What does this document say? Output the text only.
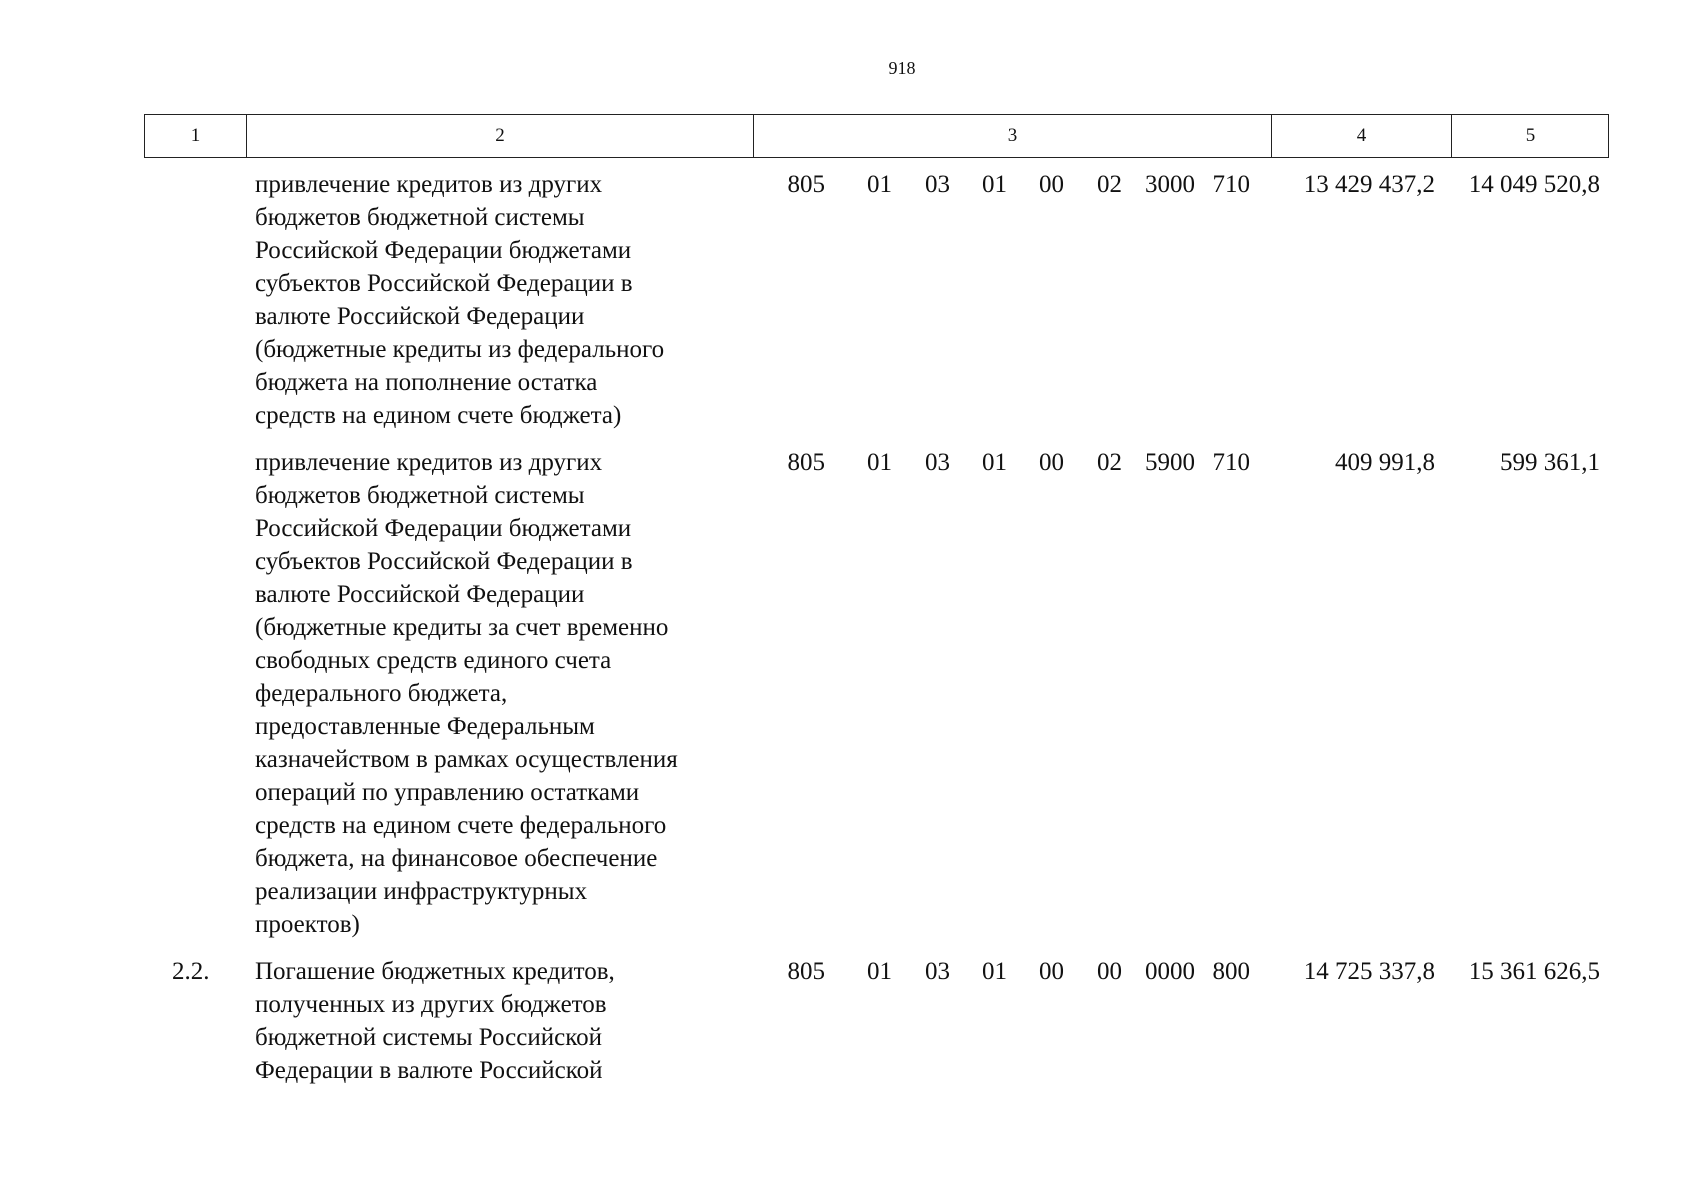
918
1	2	3	4	5
привлечение кредитов из других
бюджетов бюджетной системы
Российской Федерации бюджетами
субъектов Российской Федерации в
валюте Российской Федерации
(бюджетные кредиты из федерального
бюджета на пополнение остатка
средств на едином счете бюджета)
805 01 03 01 00 02 3000 710	13 429 437,2	14 049 520,8
привлечение кредитов из других
бюджетов бюджетной системы
Российской Федерации бюджетами
субъектов Российской Федерации в
валюте Российской Федерации
(бюджетные кредиты за счет временно
свободных средств единого счета
федерального бюджета,
предоставленные Федеральным
казначейством в рамках осуществления
операций по управлению остатками
средств на едином счете федерального
бюджета, на финансовое обеспечение
реализации инфраструктурных
проектов)
805 01 03 01 00 02 5900 710	409 991,8	599 361,1
2.2. Погашение бюджетных кредитов,
полученных из других бюджетов
бюджетной системы Российской
Федерации в валюте Российской
805 01 03 01 00 00 0000 800	14 725 337,8	15 361 626,5
